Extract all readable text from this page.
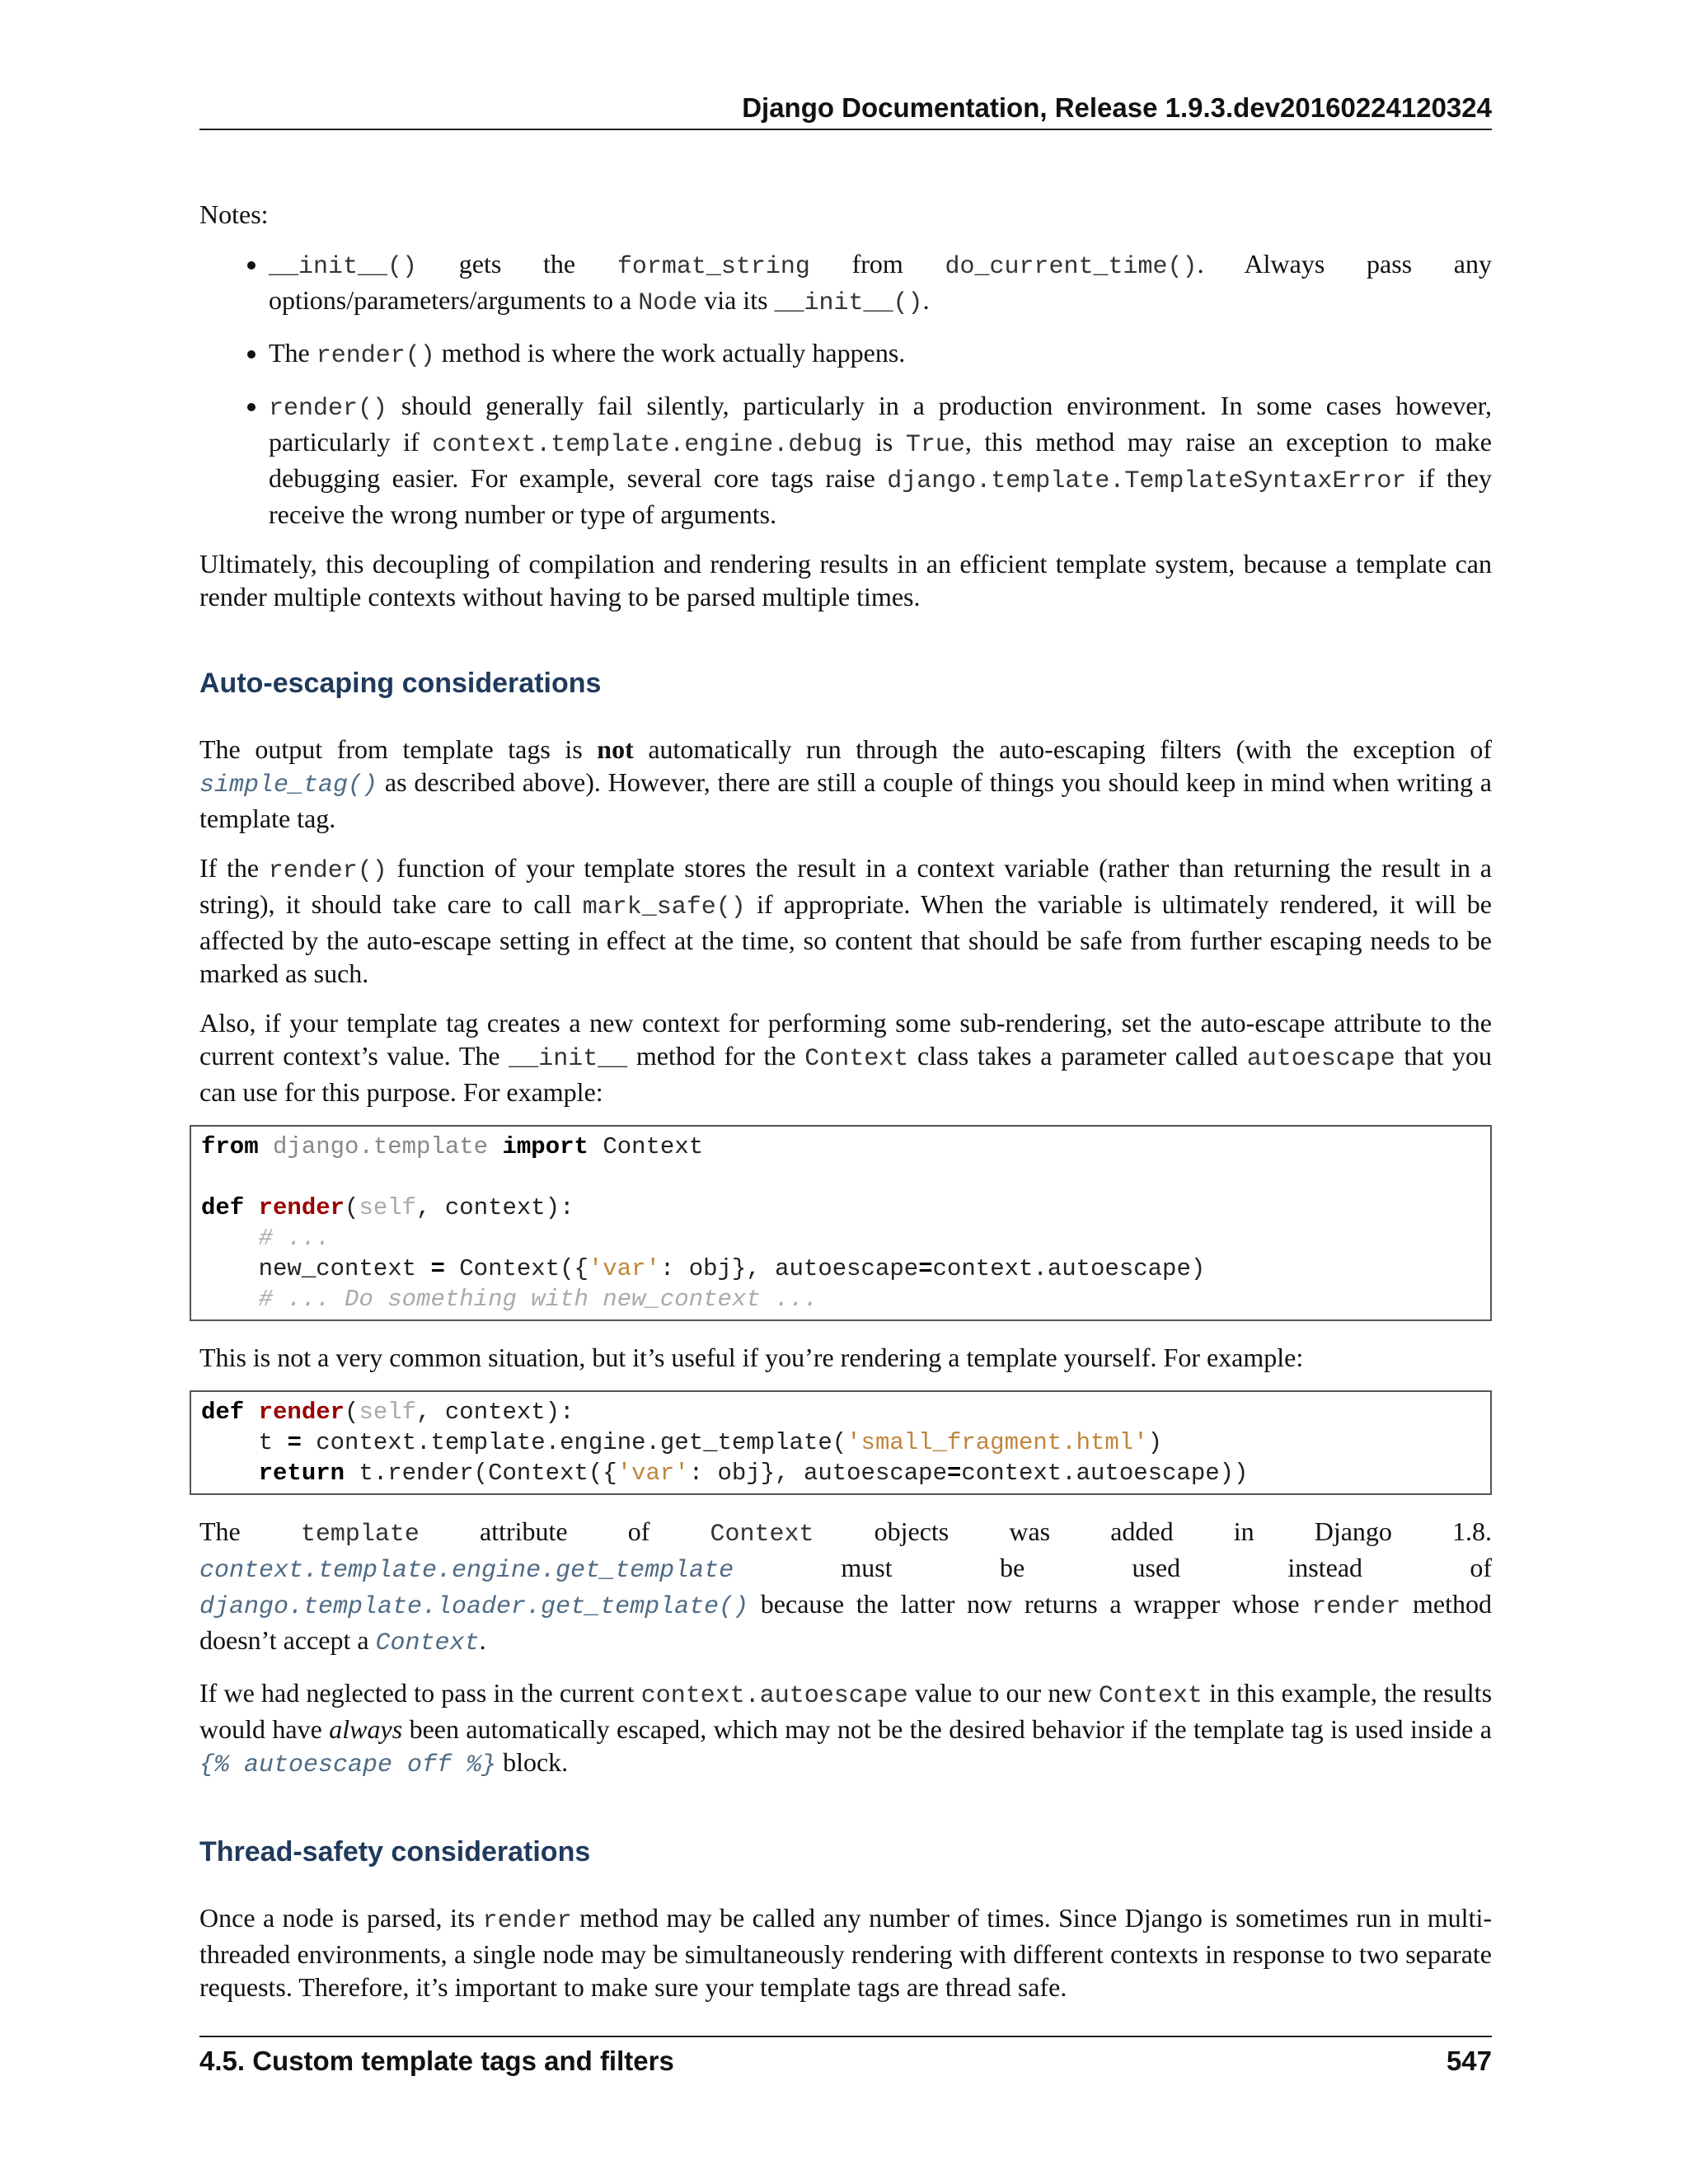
Django Documentation, Release 1.9.3.dev20160224120324

Notes:

• __init__() gets the format_string from do_current_time(). Always pass any options/parameters/arguments to a Node via its __init__().
• The render() method is where the work actually happens.
• render() should generally fail silently, particularly in a production environment. In some cases however, particularly if context.template.engine.debug is True, this method may raise an exception to make debugging easier. For example, several core tags raise django.template.TemplateSyntaxError if they receive the wrong number or type of arguments.

Ultimately, this decoupling of compilation and rendering results in an efficient template system, because a template can render multiple contexts without having to be parsed multiple times.

Auto-escaping considerations

The output from template tags is not automatically run through the auto-escaping filters (with the exception of simple_tag() as described above). However, there are still a couple of things you should keep in mind when writing a template tag.

If the render() function of your template stores the result in a context variable (rather than returning the result in a string), it should take care to call mark_safe() if appropriate. When the variable is ultimately rendered, it will be affected by the auto-escape setting in effect at the time, so content that should be safe from further escaping needs to be marked as such.

Also, if your template tag creates a new context for performing some sub-rendering, set the auto-escape attribute to the current context’s value. The __init__ method for the Context class takes a parameter called autoescape that you can use for this purpose. For example:

from django.template import Context

def render(self, context):
# ...
new_context = Context({'var': obj}, autoescape=context.autoescape)
# ... Do something with new_context ...

This is not a very common situation, but it’s useful if you’re rendering a template yourself. For example:

def render(self, context):
t = context.template.engine.get_template('small_fragment.html')
return t.render(Context({'var': obj}, autoescape=context.autoescape))

The template attribute of Context objects was added in Django 1.8. context.template.engine.get_template must be used instead of django.template.loader.get_template() because the latter now returns a wrapper whose render method doesn’t accept a Context.

If we had neglected to pass in the current context.autoescape value to our new Context in this example, the results would have always been automatically escaped, which may not be the desired behavior if the template tag is used inside a {% autoescape off %} block.

Thread-safety considerations

Once a node is parsed, its render method may be called any number of times. Since Django is sometimes run in multi-threaded environments, a single node may be simultaneously rendering with different contexts in response to two separate requests. Therefore, it’s important to make sure your template tags are thread safe.

4.5. Custom template tags and filters	547
